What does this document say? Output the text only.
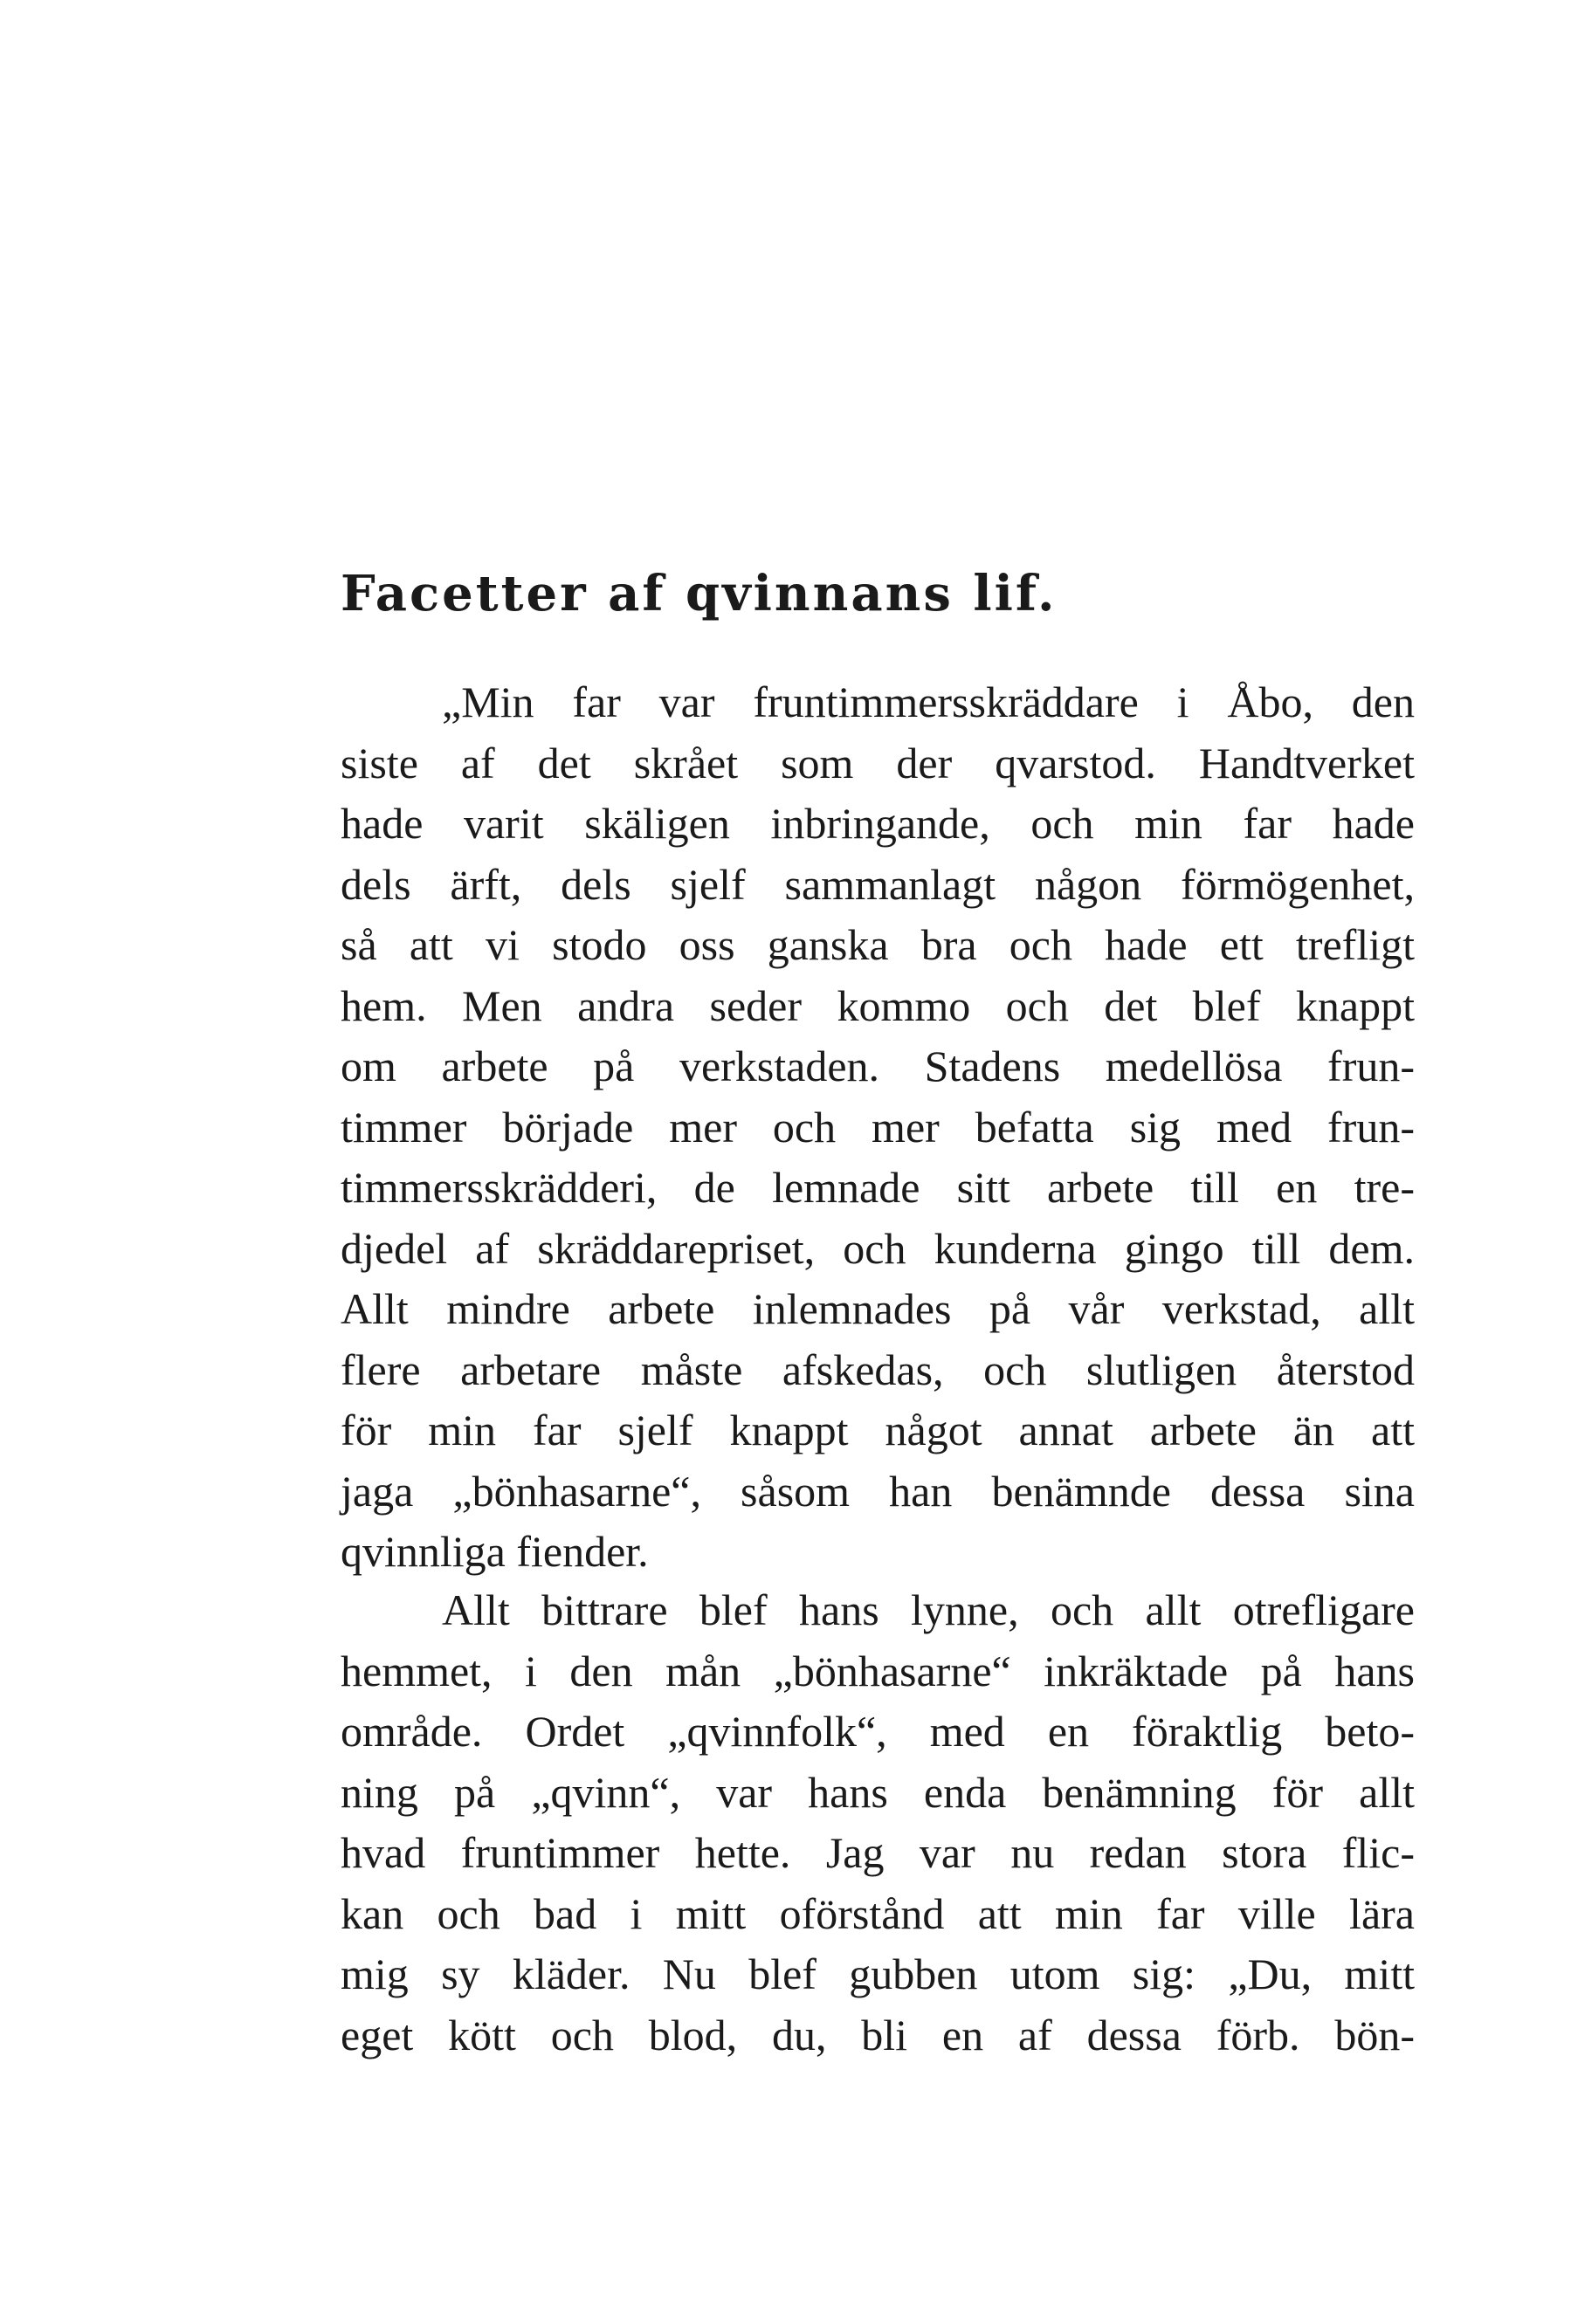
Facetter af qvinnans lif.
„Min far var fruntimmersskräddare i Åbo, den
siste af det skrået som der qvarstod. Handtverket
hade varit skäligen inbringande, och min far hade
dels ärft, dels sjelf sammanlagt någon förmögenhet,
så att vi stodo oss ganska bra och hade ett trefligt
hem. Men andra seder kommo och det blef knappt
om arbete på verkstaden. Stadens medellösa frun-
timmer började mer och mer befatta sig med frun-
timmersskrädderi, de lemnade sitt arbete till en tre-
djedel af skräddarepriset, och kunderna gingo till dem.
Allt mindre arbete inlemnades på vår verkstad, allt
flere arbetare måste afskedas, och slutligen återstod
för min far sjelf knappt något annat arbete än att
jaga „bönhasarne“, såsom han benämnde dessa sina
qvinnliga fiender.
Allt bittrare blef hans lynne, och allt otrefligare
hemmet, i den mån „bönhasarne“ inkräktade på hans
område. Ordet „qvinnfolk“, med en föraktlig beto-
ning på „qvinn“, var hans enda benämning för allt
hvad fruntimmer hette. Jag var nu redan stora flic-
kan och bad i mitt oförstånd att min far ville lära
mig sy kläder. Nu blef gubben utom sig: „Du, mitt
eget kött och blod, du, bli en af dessa förb. bön-
